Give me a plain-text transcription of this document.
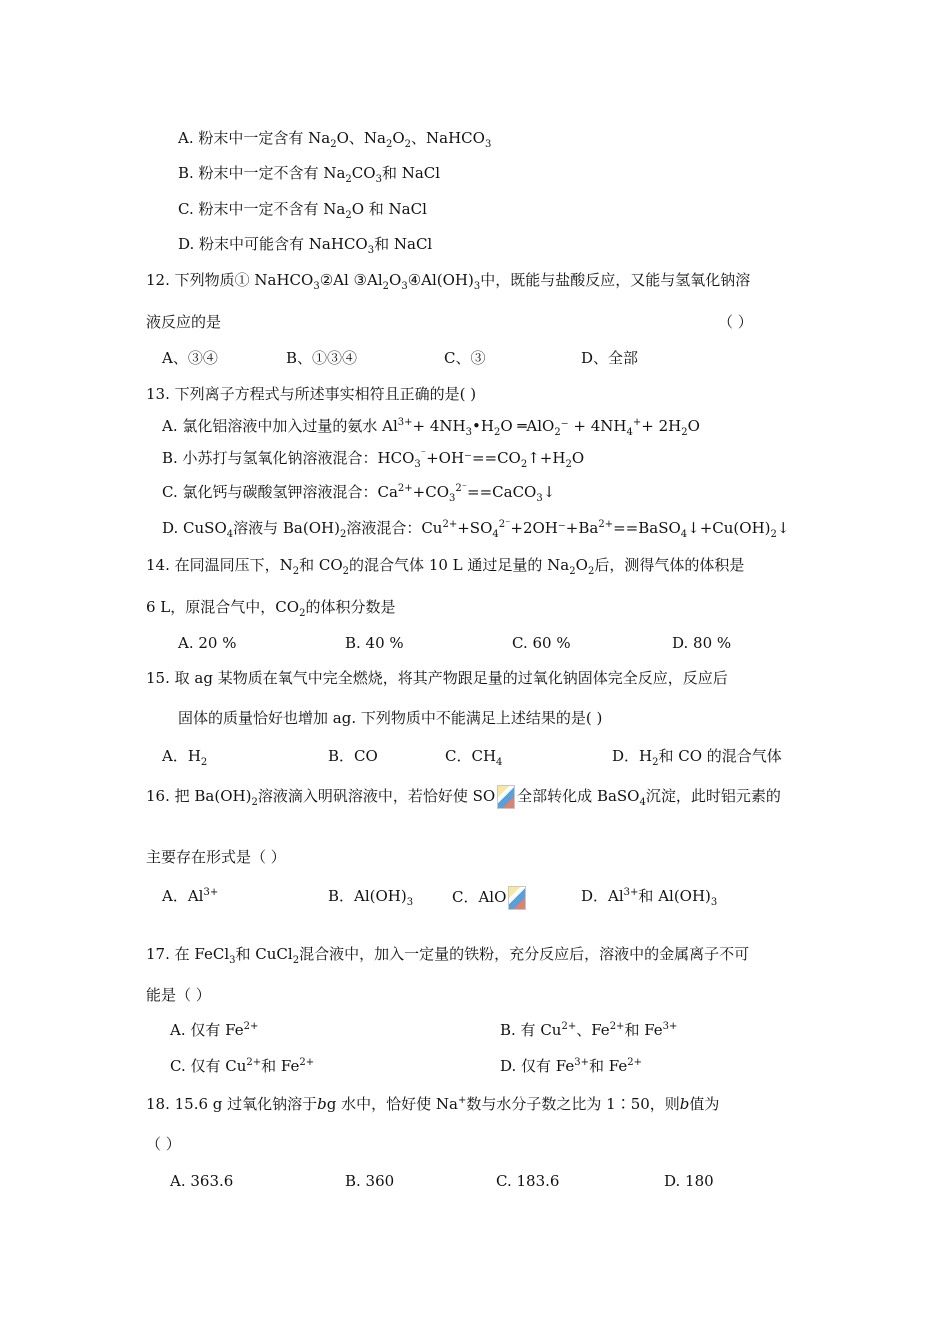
A. 粉末中一定含有 $Na_2O$、$Na_2O_2$、NaHCO$_3$
B. 粉末中一定不含有 $Na_2CO_3$和 NaCl
C. 粉末中一定不含有 $Na_2O$ 和 NaCl
D. 粉末中可能含有 NaHCO$_3$和 NaCl
12. 下列物质① NaHCO$_3$②Al $③Al_2O_3④Al(OH)_3$中，既能与盐酸反应，又能与氢氧化钠溶
液反应的是	（ ）
A、③④	B、①③④	C、③	D、全部
13. 下列离子方程式与所述事实相符且正确的是( )
A. 氯化铝溶液中加入过量的氨水 $Al^{3+}+$ $4NH_3•H_2O$ ═AlO$_2$⁻ + $4NH_4^++ 2H_2O$
B. 小苏打与氢氧化钠溶液混合：$HCO_3^{^-}+OH^-==CO_2↑+H_2O$
C. 氯化钙与碳酸氢钾溶液混合：$Ca^{2+}+CO_3^{2^-}==CaCO_3↓$
D. CuSO$_4$溶液与 $Ba(OH)_2$溶液混合：$Cu^{2+}+SO_4^{2^-}+2OH^-+Ba^{2+}==BaSO_4↓+Cu(OH)_2↓$
14. 在同温同压下，$N_2$和 $CO_2$的混合气体 10 L 通过足量的 $Na_2O_2$后，测得气体的体积是
6 L，原混合气中，$CO_2$的体积分数是
A. 20 %	B. 40 %	C. 60 %	D. 80 %
15. 取 ag 某物质在氧气中完全燃烧，将其产物跟足量的过氧化钠固体完全反应，反应后
固体的质量恰好也增加 ag. 下列物质中不能满足上述结果的是( )
A．$H_2$	B．CO	C．$CH_4$	D．$H_2$和 CO 的混合气体
16. 把 $Ba(OH)_2$溶液滴入明矾溶液中，若恰好使 SO 全部转化成 BaSO$_4$沉淀，此时铝元素的
主要存在形式是（ ）
A．$Al^{3+}$	B．$Al(OH)_3$	C．AlO	D．$Al^{3+}$和 $Al(OH)_3$
17. 在 FeCl$_3$和 CuCl$_2$混合液中，加入一定量的铁粉，充分反应后，溶液中的金属离子不可
能是（ ）
A. 仅有 $Fe^{2+}$	B. 有 $Cu^{2+}$、$Fe^{2+}$和 $Fe^{3+}$
C. 仅有 $Cu^{2+}$和 $Fe^{2+}$	D. 仅有 $Fe^{3+}$和 $Fe^{2+}$
18. 15.6 g 过氧化钠溶于bg 水中，恰好使 Na+数与水分子数之比为 1∶50，则b值为
（ ）
A. 363.6	B. 360	C. 183.6	D. 180
